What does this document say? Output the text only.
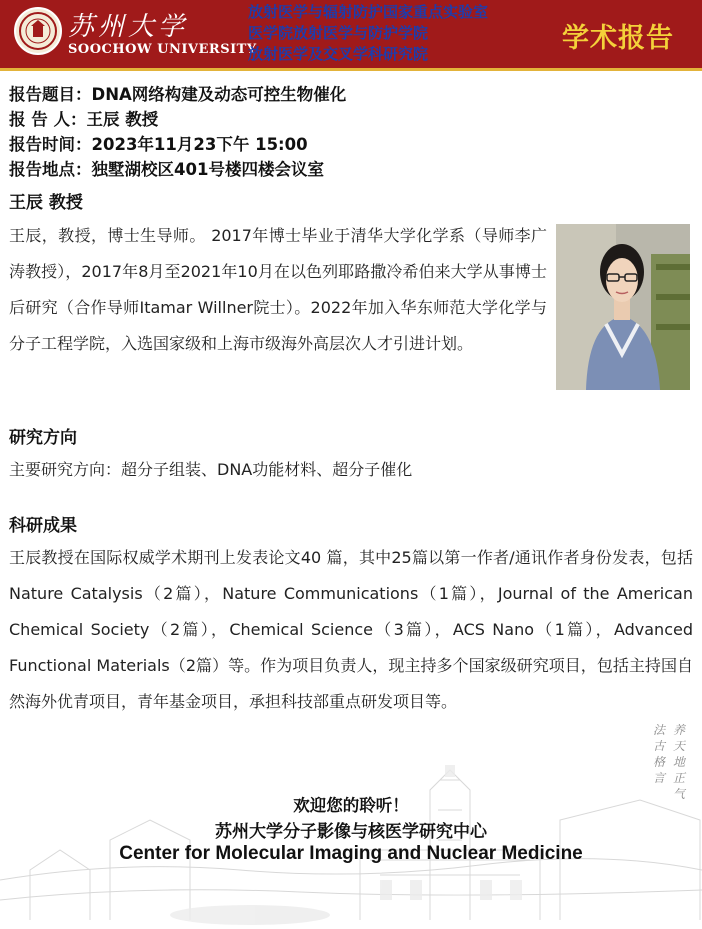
苏州大学
SOOCHOW UNIVERSITY
放射医学与辐射防护国家重点实验室
医学院放射医学与防护学院
放射医学及交叉学科研究院	学术报告
法
古
格
言
养
天
地
正
气
报告题目：DNA网络构建及动态可控生物催化
报 告 人：王辰 教授
报告时间：2023年11月23下午 15:00
报告地点：独墅湖校区401号楼四楼会议室
王辰 教授
王辰，教授，博士生导师。 2017年博士毕业于清华大学化学系（导师李广涛教授），2017年8月至2021年10月在以色列耶路撒冷希伯来大学从事博士后研究（合作导师Itamar Willner院士）。2022年加入华东师范大学化学与分子工程学院，入选国家级和上海市级海外高层次人才引进计划。
研究方向
主要研究方向：超分子组装、DNA功能材料、超分子催化
科研成果
王辰教授在国际权威学术期刊上发表论文40 篇，其中25篇以第一作者/通讯作者身份发表，包括Nature Catalysis（2篇），Nature Communications（1篇），Journal of the American Chemical Society（2篇），Chemical Science（3篇），ACS Nano（1篇），Advanced Functional Materials（2篇）等。作为项目负责人，现主持多个国家级研究项目，包括主持国自然海外优青项目，青年基金项目，承担科技部重点研发项目等。
欢迎您的聆听！
苏州大学分子影像与核医学研究中心
Center for Molecular Imaging and Nuclear Medicine
